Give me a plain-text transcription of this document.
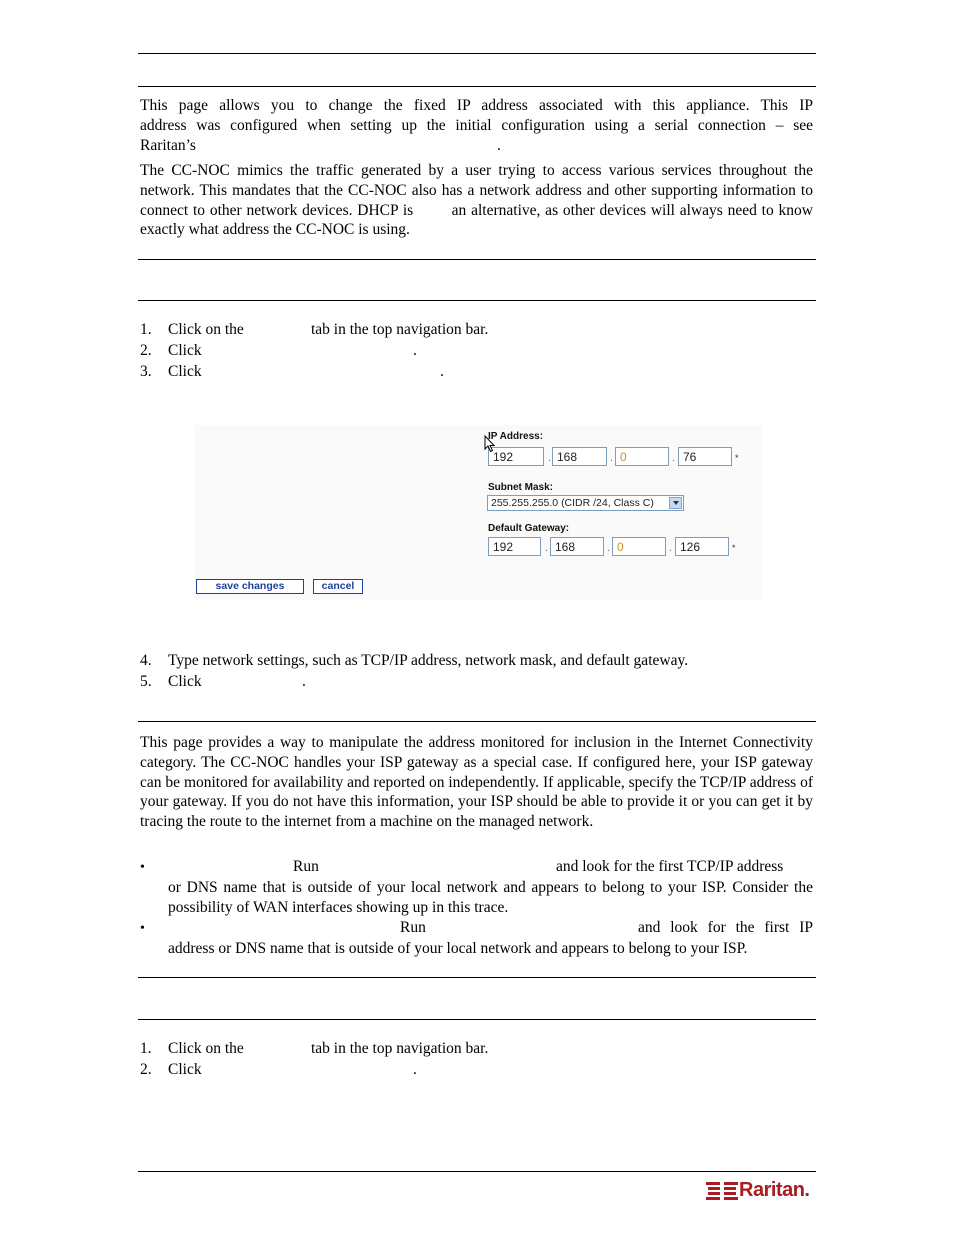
This page allows you to change the fixed IP address associated with this appliance. This IP
address was configured when setting up the initial configuration using a serial connection – see
Raritan’s	.

The CC-NOC mimics the traffic generated by a user trying to access various services throughout the network. This mandates that the CC-NOC also has a network address and other supporting information to connect to other network devices. DHCP is        an alternative, as other devices will always need to know exactly what address the CC-NOC is using.

1. Click on the	tab in the top navigation bar.
2. Click	.
3. Click	.
IP Address:
192	. 168	. 0	. 76	*
Subnet Mask:
255.255.255.0 (CIDR /24, Class C)
Default Gateway:
192	. 168	. 0	. 126	*
save changes	cancel
4. Type network settings, such as TCP/IP address, network mask, and default gateway.
5. Click	.

This page provides a way to manipulate the address monitored for inclusion in the Internet Connectivity category. The CC-NOC handles your ISP gateway as a special case. If configured here, your ISP gateway can be monitored for availability and reported on independently. If applicable, specify the TCP/IP address of your gateway. If you do not have this information, your ISP should be able to provide it or you can get it by tracing the route to the internet from a machine on the managed network.

•	Run	and look for the first TCP/IP address

or DNS name that is outside of your local network and appears to belong to your ISP. Consider the possibility of WAN interfaces showing up in this trace.

•	Run	and look for the first IP

address or DNS name that is outside of your local network and appears to belong to your ISP.

1. Click on the	tab in the top navigation bar.
2. Click	.
Raritan.
